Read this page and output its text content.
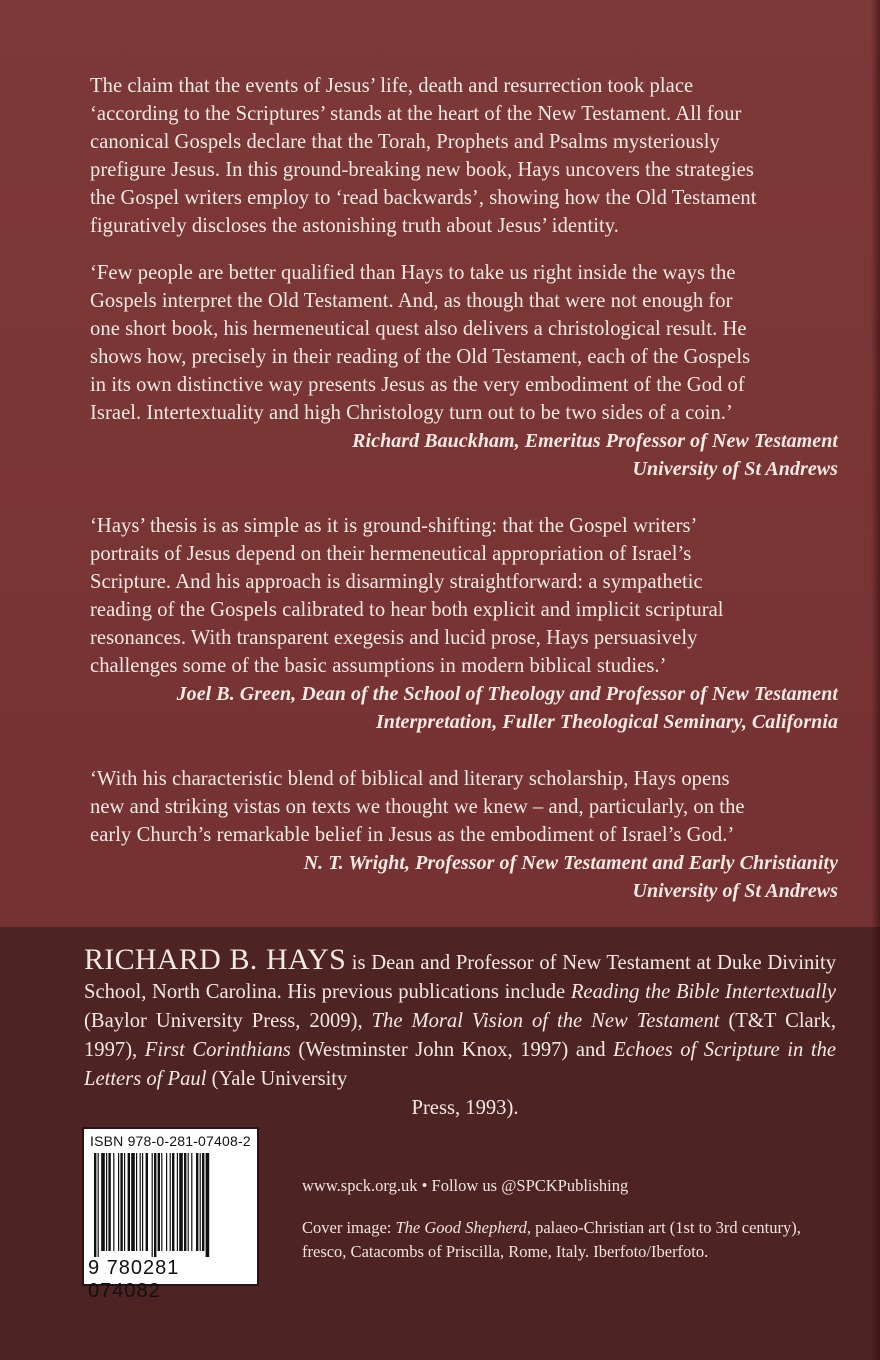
The claim that the events of Jesus’ life, death and resurrection took place

‘according to the Scriptures’ stands at the heart of the New Testament. All four

canonical Gospels declare that the Torah, Prophets and Psalms mysteriously

prefigure Jesus. In this ground-breaking new book, Hays uncovers the strategies

the Gospel writers employ to ‘read backwards’, showing how the Old Testament

figuratively discloses the astonishing truth about Jesus’ identity.

‘Few people are better qualified than Hays to take us right inside the ways the

Gospels interpret the Old Testament. And, as though that were not enough for

one short book, his hermeneutical quest also delivers a christological result. He

shows how, precisely in their reading of the Old Testament, each of the Gospels

in its own distinctive way presents Jesus as the very embodiment of the God of

Israel. Intertextuality and high Christology turn out to be two sides of a coin.’

Richard Bauckham, Emeritus Professor of New Testament

University of St Andrews

‘Hays’ thesis is as simple as it is ground-shifting: that the Gospel writers’

portraits of Jesus depend on their hermeneutical appropriation of Israel’s

Scripture. And his approach is disarmingly straightforward: a sympathetic

reading of the Gospels calibrated to hear both explicit and implicit scriptural

resonances. With transparent exegesis and lucid prose, Hays persuasively

challenges some of the basic assumptions in modern biblical studies.’

Joel B. Green, Dean of the School of Theology and Professor of New Testament

Interpretation, Fuller Theological Seminary, California

‘With his characteristic blend of biblical and literary scholarship, Hays opens

new and striking vistas on texts we thought we knew – and, particularly, on the

early Church’s remarkable belief in Jesus as the embodiment of Israel’s God.’

N. T. Wright, Professor of New Testament and Early Christianity

University of St Andrews

RICHARD B. HAYS is Dean and Professor of New Testament at Duke Divinity School, North Carolina. His previous publications include Reading the Bible Intertextually (Baylor University Press, 2009), The Moral Vision of the New Testament (T&T Clark, 1997), First Corinthians (Westminster John Knox, 1997) and Echoes of Scripture in the Letters of Paul (Yale University
Press, 1993).
ISBN 978-0-281-07408-2
9 780281 074082

www.spck.org.uk • Follow us @SPCKPublishing

Cover image: The Good Shepherd, palaeo-Christian art (1st to 3rd century), fresco, Catacombs of Priscilla, Rome, Italy. Iberfoto/Iberfoto.
